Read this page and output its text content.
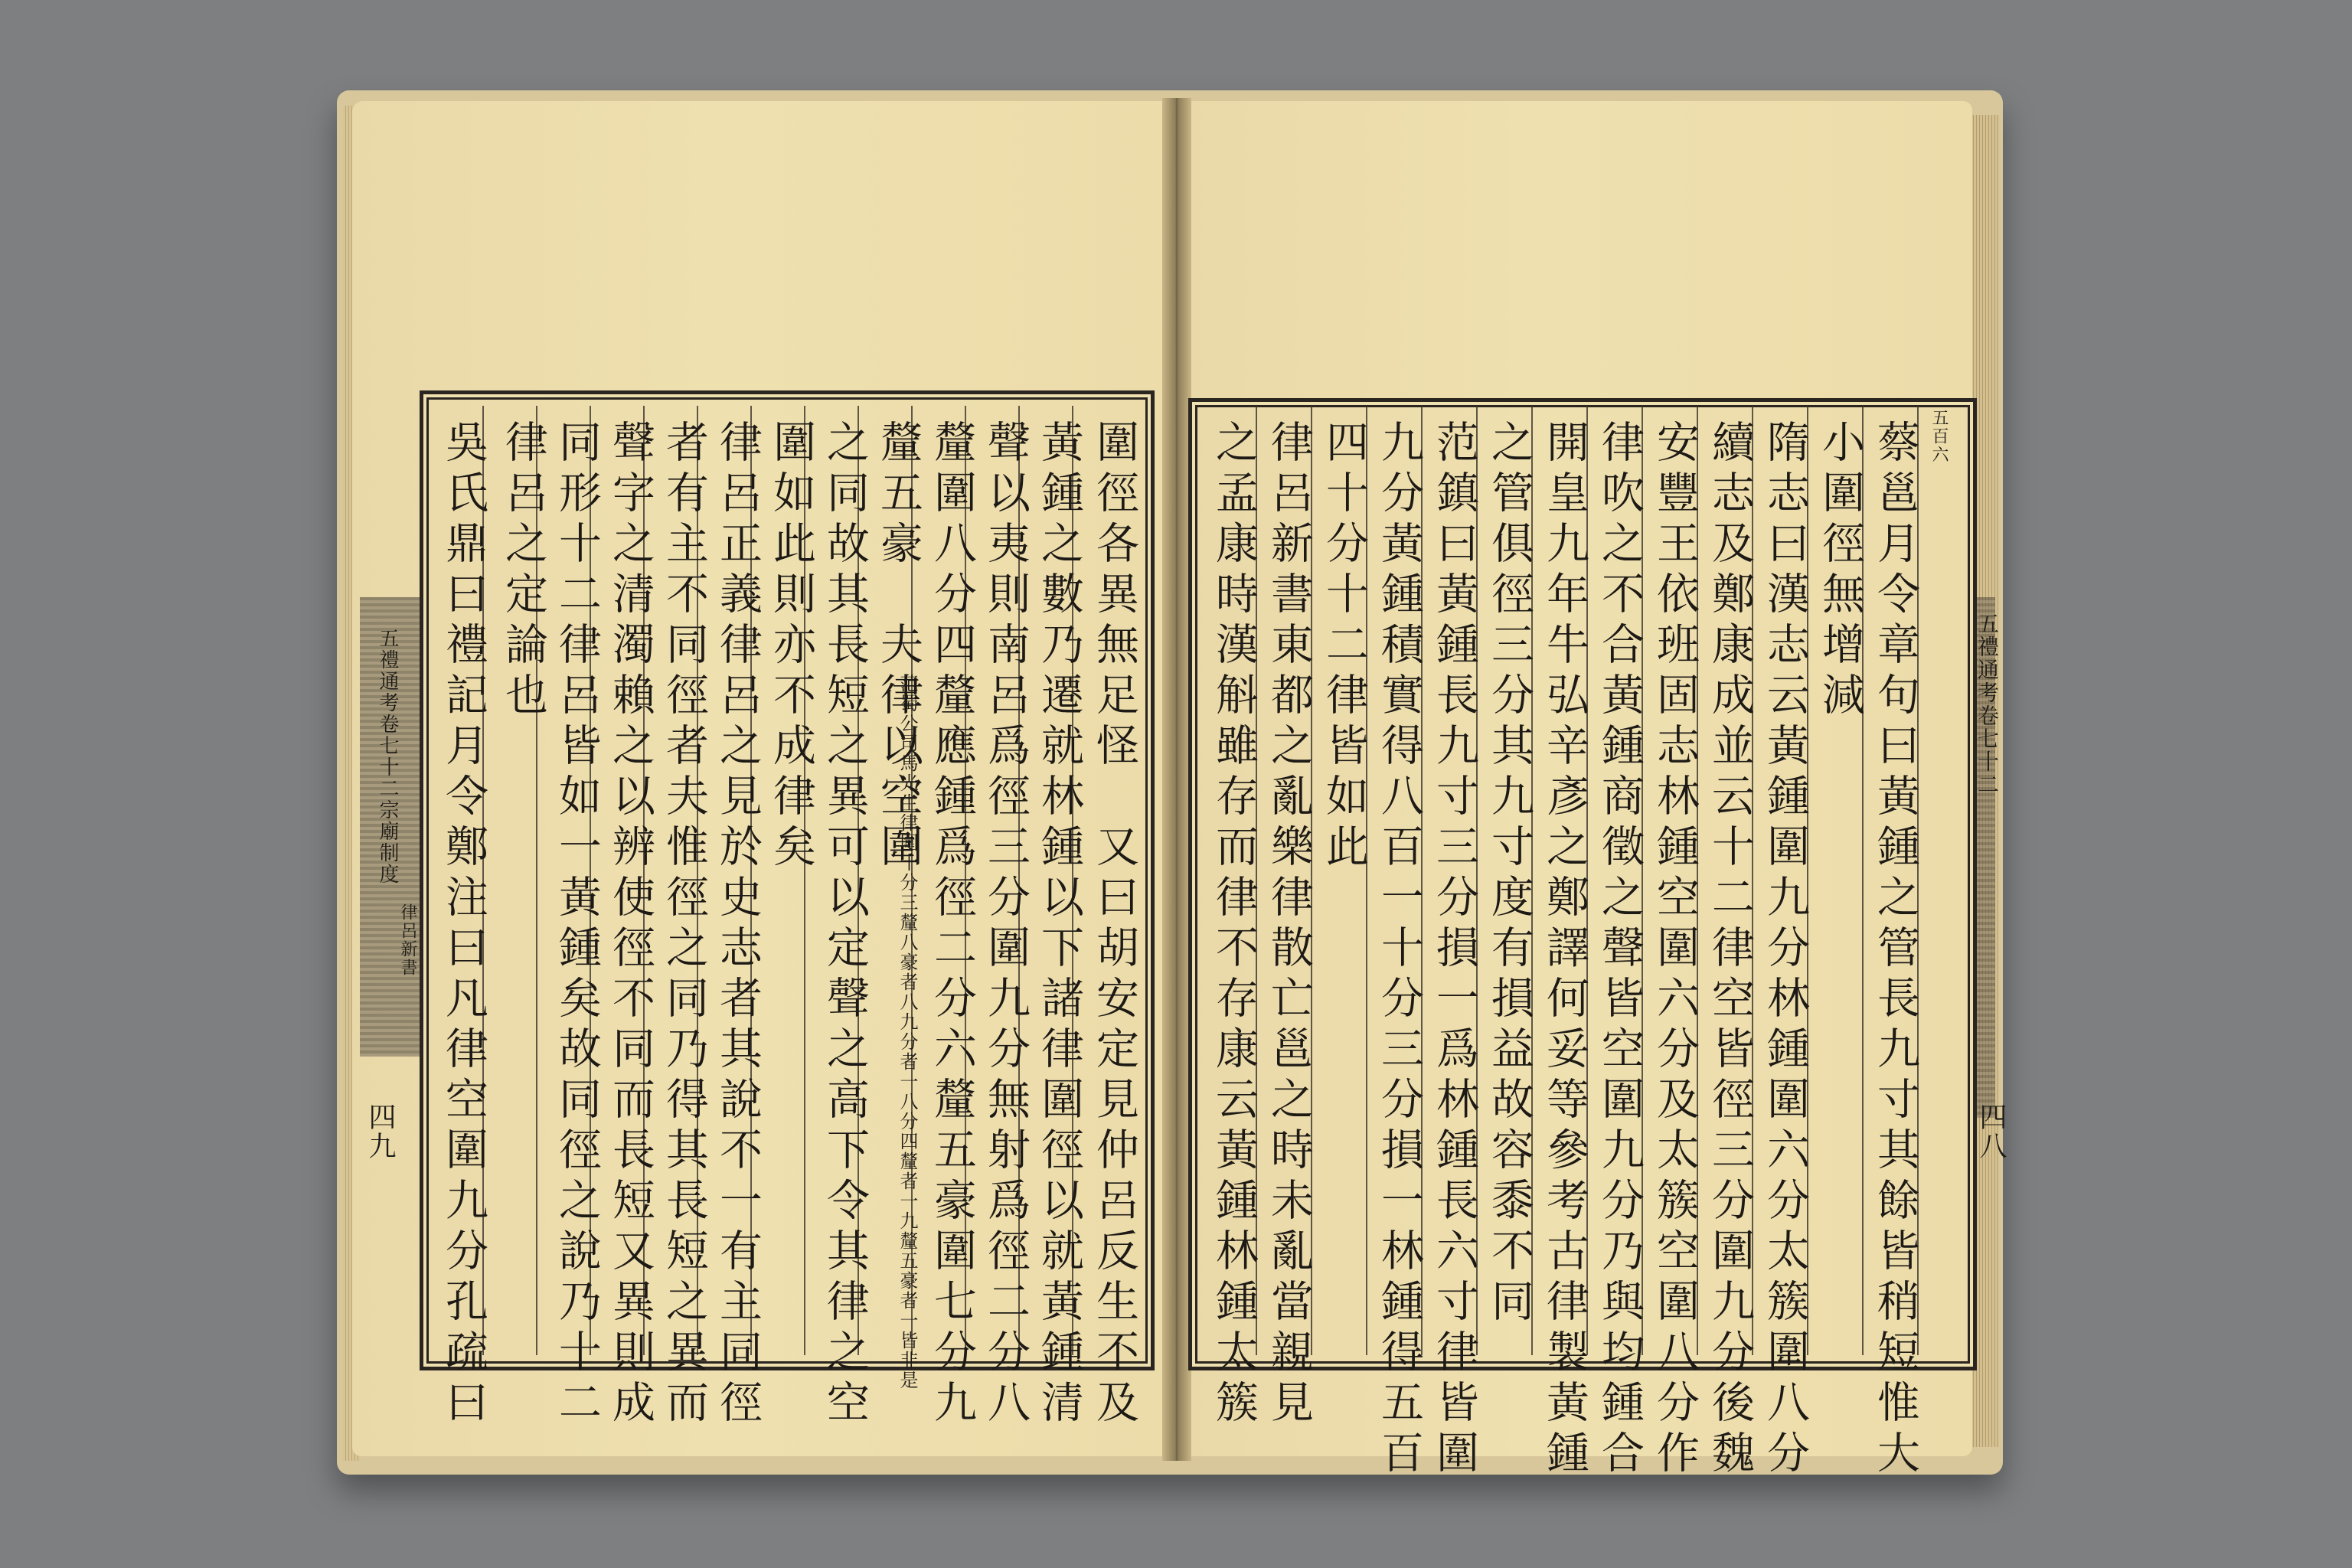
圍徑各異無足怪　又曰胡安定見仲呂反生不及
黃鍾之數乃遷就林鍾以下諸律圍徑以就黃鍾清
聲以夷則南呂爲徑三分圍九分無射爲徑二分八
釐圍八分四釐應鍾爲徑二分六釐五豪圍七分九
釐五豪　夫律以空圍
范蜀公司馬光生律圍十分三釐八豪者八九分者一八分四釐者一九釐五豪者一皆非是
之同故其長短之異可以定聲之高下令其律之空
圍如此則亦不成律矣
律呂正義律呂之見於史志者其說不一有主同徑
者有主不同徑者夫惟徑之同乃得其長短之異而
聲字之清濁賴之以辨使徑不同而長短又異則成
同形十二律呂皆如一黃鍾矣故同徑之說乃十二
律呂之定論也
吳氏鼎曰禮記月令鄭注曰凡律空圍九分孔疏曰
五禮通考卷七十二宗廟制度
律呂新書
四九
五百六
蔡邕月令章句曰黃鍾之管長九寸其餘皆稍短惟大
小圍徑無增減
隋志曰漢志云黃鍾圍九分林鍾圍六分太簇圍八分
續志及鄭康成並云十二律空皆徑三分圍九分後魏
安豐王依班固志林鍾空圍六分及太簇空圍八分作
律吹之不合黃鍾商徵之聲皆空圍九分乃與均鍾合
開皇九年牛弘辛彥之鄭譯何妥等參考古律製黃鍾
之管俱徑三分其九寸度有損益故容黍不同
范鎮曰黃鍾長九寸三分損一爲林鍾長六寸律皆圍
九分黃鍾積實得八百一十分三分損一林鍾得五百
四十分十二律皆如此
律呂新書東都之亂樂律散亡邕之時未亂當親見
之孟康時漢斛雖存而律不存康云黃鍾林鍾太簇	五禮通考卷七十二
四八
